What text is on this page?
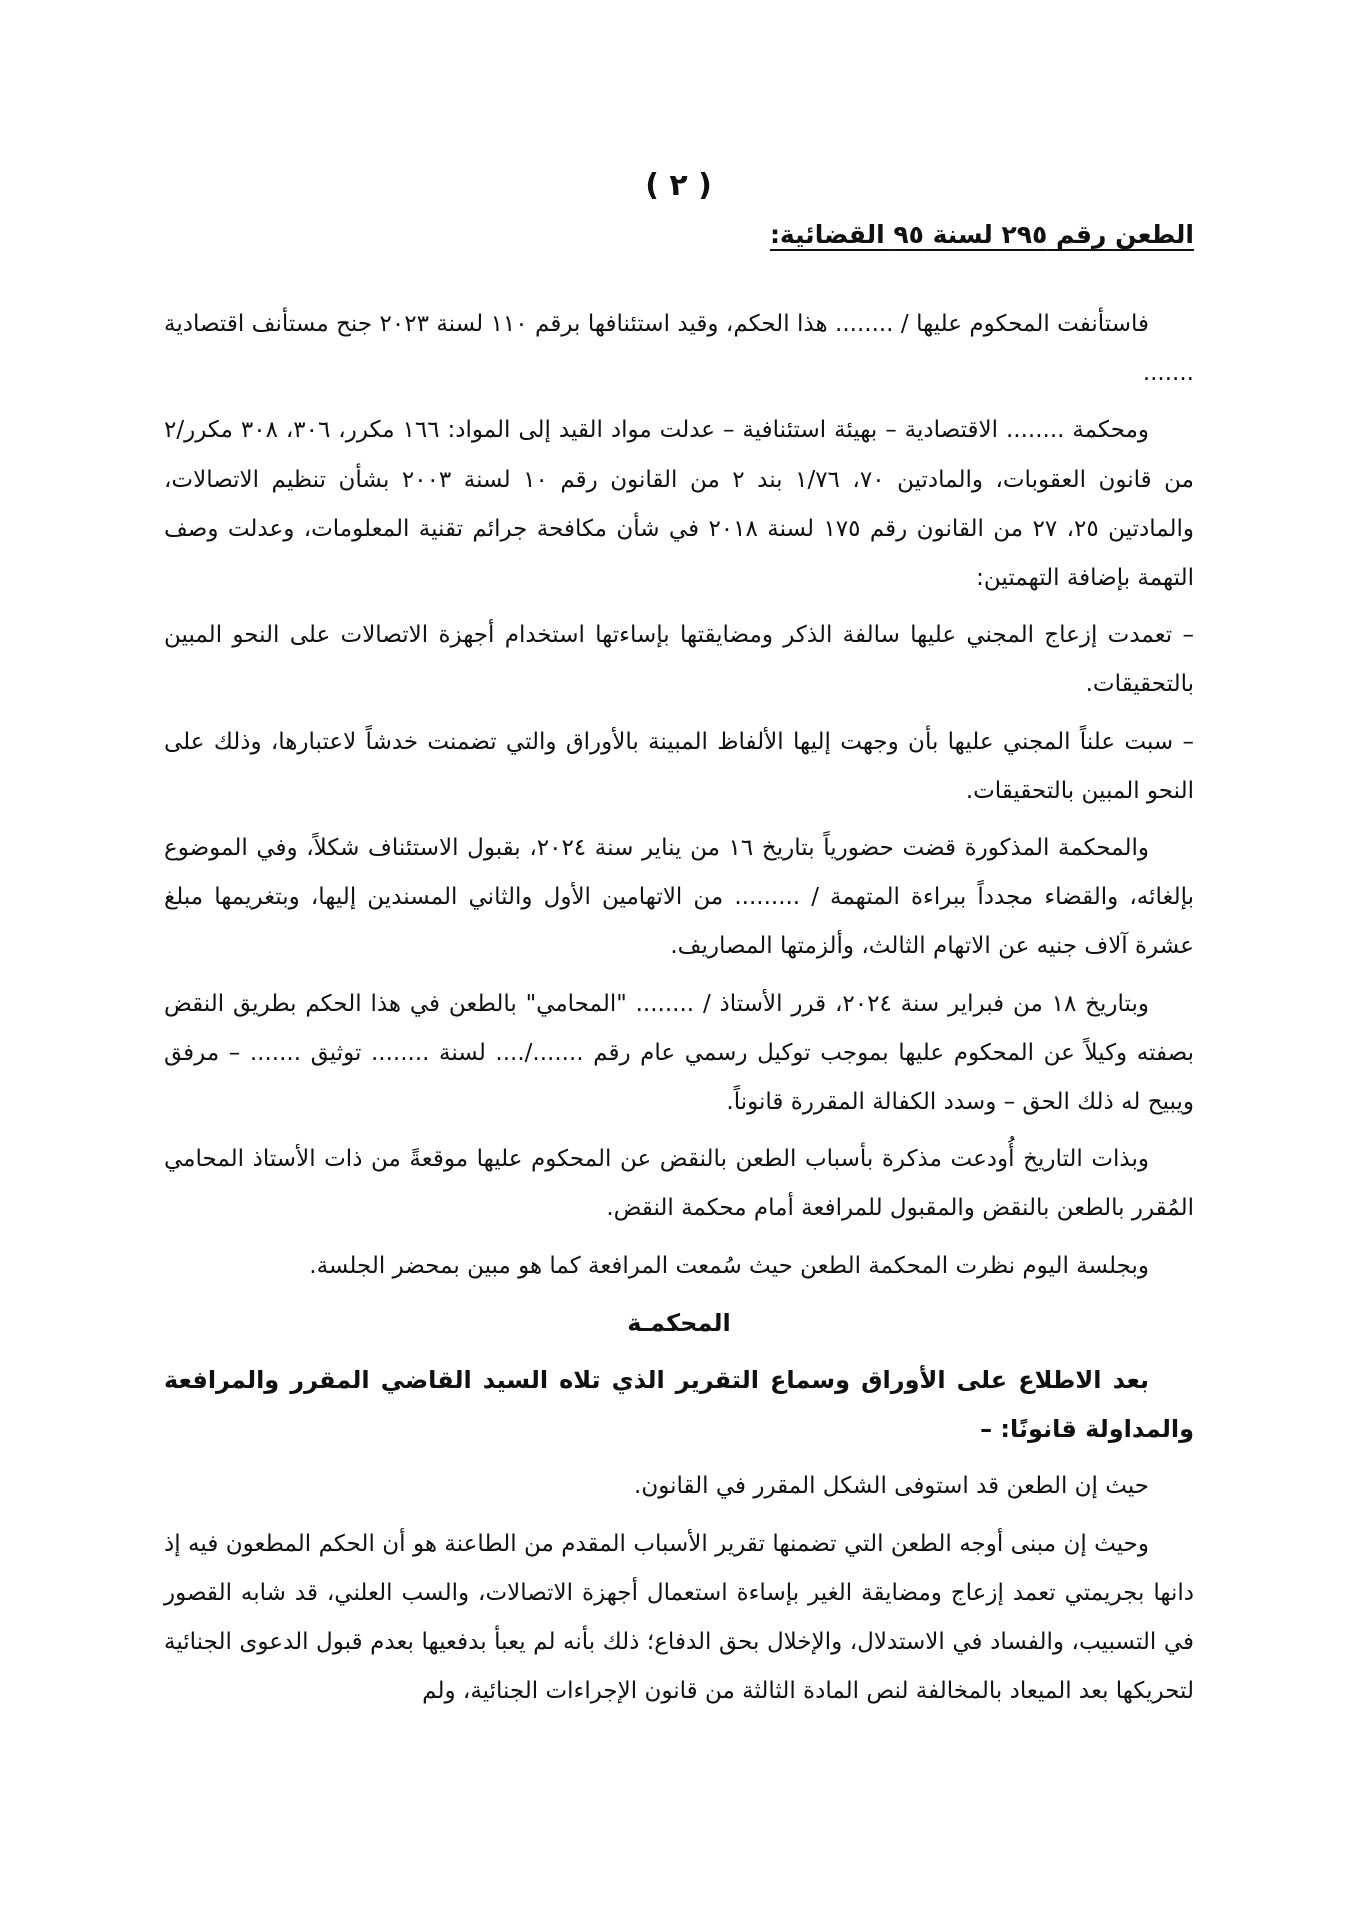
( ٢ )
الطعن رقم ٢٩٥ لسنة ٩٥ القضائية:

فاستأنفت المحكوم عليها / ........ هذا الحكم، وقيد استئنافها برقم ١١٠ لسنة ٢٠٢٣ جنح مستأنف اقتصادية .......

ومحكمة ........ الاقتصادية – بهيئة استئنافية – عدلت مواد القيد إلى المواد: ١٦٦ مكرر، ٣٠٦، ٣٠٨ مكرر/٢ من قانون العقوبات، والمادتين ٧٠، ١/٧٦ بند ٢ من القانون رقم ١٠ لسنة ٢٠٠٣ بشأن تنظيم الاتصالات، والمادتين ٢٥، ٢٧ من القانون رقم ١٧٥ لسنة ٢٠١٨ في شأن مكافحة جرائم تقنية المعلومات، وعدلت وصف التهمة بإضافة التهمتين:

– تعمدت إزعاج المجني عليها سالفة الذكر ومضايقتها بإساءتها استخدام أجهزة الاتصالات على النحو المبين بالتحقيقات.

– سبت علناً المجني عليها بأن وجهت إليها الألفاظ المبينة بالأوراق والتي تضمنت خدشاً لاعتبارها، وذلك على النحو المبين بالتحقيقات.

والمحكمة المذكورة قضت حضورياً بتاريخ ١٦ من يناير سنة ٢٠٢٤، بقبول الاستئناف شكلاً، وفي الموضوع بإلغائه، والقضاء مجدداً ببراءة المتهمة / ......... من الاتهامين الأول والثاني المسندين إليها، وبتغريمها مبلغ عشرة آلاف جنيه عن الاتهام الثالث، وألزمتها المصاريف.

وبتاريخ ١٨ من فبراير سنة ٢٠٢٤، قرر الأستاذ / ........ "المحامي" بالطعن في هذا الحكم بطريق النقض بصفته وكيلاً عن المحكوم عليها بموجب توكيل رسمي عام رقم ......./.... لسنة ........ توثيق ....... – مرفق ويبيح له ذلك الحق – وسدد الكفالة المقررة قانوناً.

وبذات التاريخ أُودعت مذكرة بأسباب الطعن بالنقض عن المحكوم عليها موقعةً من ذات الأستاذ المحامي المُقرر بالطعن بالنقض والمقبول للمرافعة أمام محكمة النقض.

وبجلسة اليوم نظرت المحكمة الطعن حيث سُمعت المرافعة كما هو مبين بمحضر الجلسة.

المحكمـة

بعد الاطلاع على الأوراق وسماع التقرير الذي تلاه السيد القاضي المقرر والمرافعة والمداولة قانونًا: –

حيث إن الطعن قد استوفى الشكل المقرر في القانون.

وحيث إن مبنى أوجه الطعن التي تضمنها تقرير الأسباب المقدم من الطاعنة هو أن الحكم المطعون فيه إذ دانها بجريمتي تعمد إزعاج ومضايقة الغير بإساءة استعمال أجهزة الاتصالات، والسب العلني، قد شابه القصور في التسبيب، والفساد في الاستدلال، والإخلال بحق الدفاع؛ ذلك بأنه لم يعبأ بدفعيها بعدم قبول الدعوى الجنائية لتحريكها بعد الميعاد بالمخالفة لنص المادة الثالثة من قانون الإجراءات الجنائية، ولم
